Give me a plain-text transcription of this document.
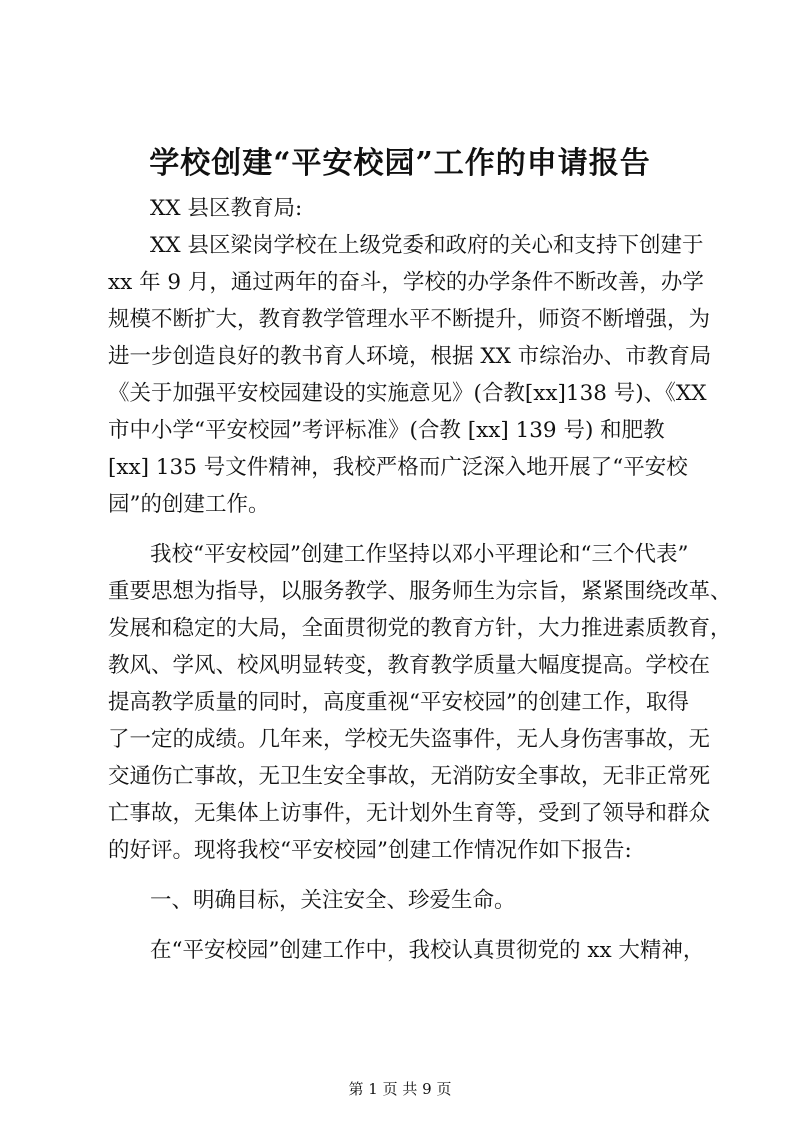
学校创建“平安校园”工作的申请报告
XX 县区教育局:
XX 县区梁岗学校在上级党委和政府的关心和支持下创建于
xx 年 9 月，通过两年的奋斗，学校的办学条件不断改善，办学
规模不断扩大，教育教学管理水平不断提升，师资不断增强，为
进一步创造良好的教书育人环境，根据 XX 市综治办、市教育局
《关于加强平安校园建设的实施意见》(合教[xx]138 号)、《XX
市中小学“平安校园”考评标准》(合教 [xx] 139 号) 和肥教
[xx] 135 号文件精神，我校严格而广泛深入地开展了“平安校
园”的创建工作。
我校“平安校园”创建工作坚持以邓小平理论和“三个代表”
重要思想为指导，以服务教学、服务师生为宗旨，紧紧围绕改革、
发展和稳定的大局，全面贯彻党的教育方针，大力推进素质教育，
教风、学风、校风明显转变，教育教学质量大幅度提高。学校在
提高教学质量的同时，高度重视“平安校园”的创建工作，取得
了一定的成绩。几年来，学校无失盗事件，无人身伤害事故，无
交通伤亡事故，无卫生安全事故，无消防安全事故，无非正常死
亡事故，无集体上访事件，无计划外生育等，受到了领导和群众
的好评。现将我校“平安校园”创建工作情况作如下报告:
一、明确目标，关注安全、珍爱生命。
在“平安校园”创建工作中，我校认真贯彻党的 xx 大精神，
第 1 页 共 9 页
